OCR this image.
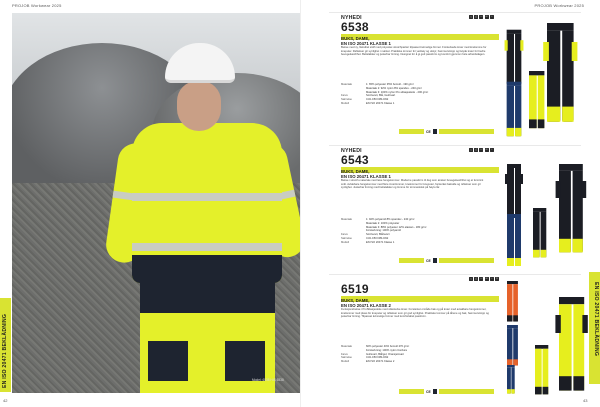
PROJOB Workwear 2025
Model: 6538 HIS 6538
EN ISO 20471 BEKLÄDNING
42
PROJOB Workwear 2025
NYHEDI
6538
BUKS, DAME,
EN ISO 20471 KLASSE 1
Bukse med ny, fleksibel stoff med polyester-stretchpartier tilpasset kvinnelige former. Forsterkede knær med knelomme for kneputer. Reflekser gir synlighet i mørket. Praktiske lommer for verktøy og utstyr, hammerstropp og bøyde knær for bedre bevegelsesfrihet. Belteløkker og justerbar linning. Designet for å gi god passform og komfort gjennom hele arbeidsdagen.
Materiale	1: 65% polyester 35% bomull - 190 g/m²
Materiale 2: 92% nylon 8% spandex - 240 g/m²
Materiale 3: 100% nylon Pro-slitasjeskole - 200 g/m²
Farve	Sort/svart, Blå, Gul/svart
Størrelse	C34-C50 D84-D92
Modell	EN ISO 20471 Klasse 1
CE
◡	△	□	▱	○
NYHEDI
6543
BUKS, DAME,
EN ISO 20471 KLASSE 1
Bukse i stretch-materiale med løse hengelommer. Moderne passform til deg som ønsker bevegelsesfrihet og et feminint snitt. Avtakbare hengelommer med flere innerlommer, knelommer for kneputer, forsterket bakside og reflekser som gir synlighet. Justerbar linning med belteløkker og lomme for tommestokk på høyre lår.
Materiale	1: 92% polyamid 8% spandex - 240 g/m²
Materiale 2: 100% polyester
Materiale 3: 88% polyester 12% elastan - 180 g/m²
Forsterkning: 100% polyamid
Farve	Sort/svart, Blå/svart
Størrelse	C34-C50 D84-D92
Modell	EN ISO 20471 Klasse 1
CE
◡	△	□	▱	○
6519
BUKS, DAME,
EN ISO 20471 KLASSE 2
Funksjonsbukse i ProSlitasjeskole med slitesterke knær. Forsterket område bak og på knær med avtakbare hengelommer, knelommer med plass for kneputer og reflekser som gir god synlighet. Praktiske lommer på lårene og bak, hammerstropp og justerbar linning. Tilpasset kvinnelige former med komfortabel passform.
Materiale	60% polyester 40% bomull 270 g/m²
Forsterkning: 100% nylon Cordura
Farve	Gul/svart, Blå/gul, Oransje/svart
Størrelse	C34-C50 D84-D92
Modell	EN ISO 20471 Klasse 2
CE
◡	△	□	▱	○	◇
EN ISO 20471 BEKLÄDNING
43
